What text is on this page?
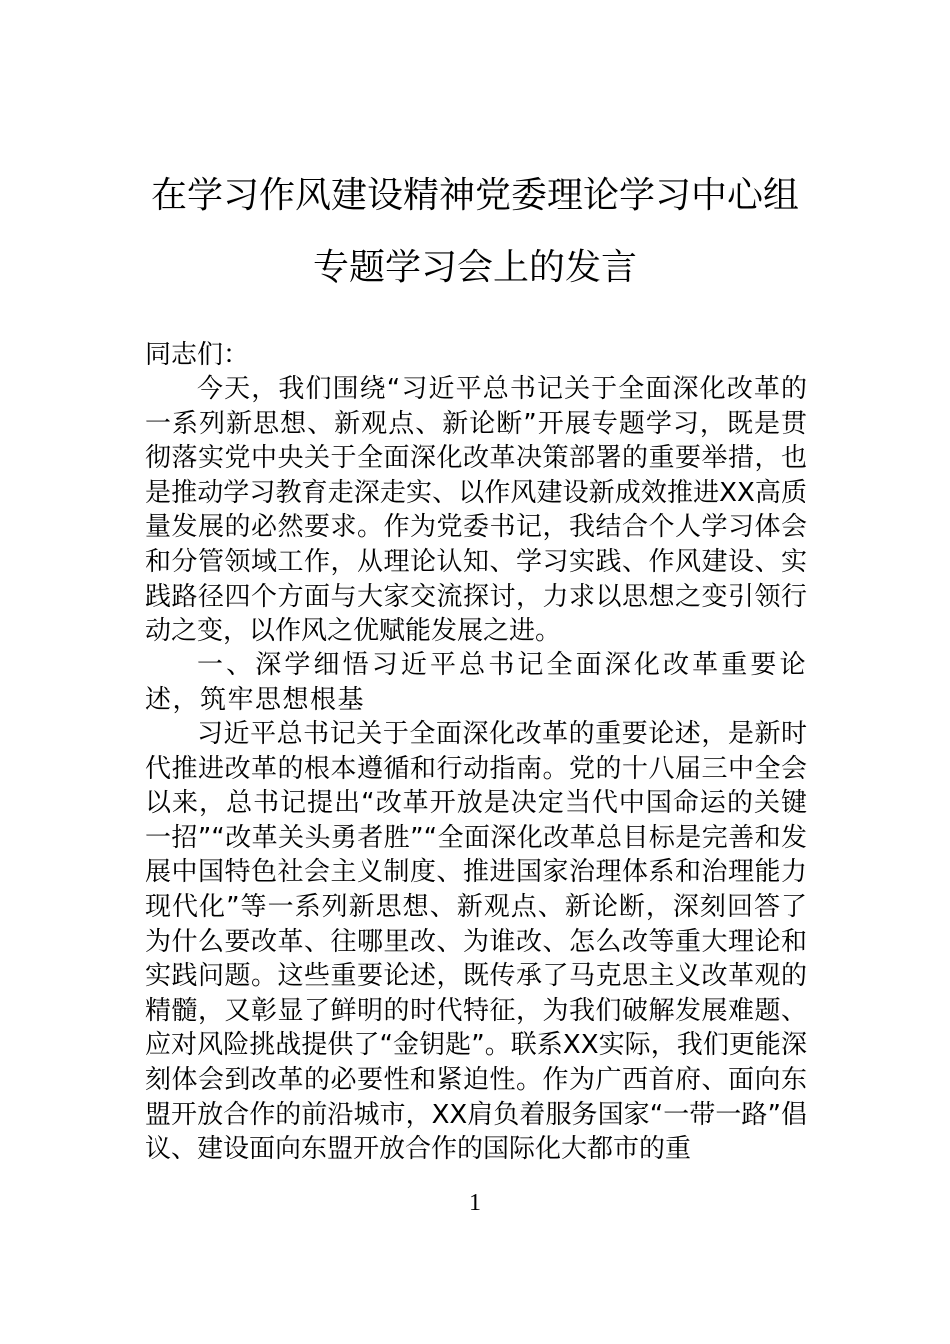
在学习作风建设精神党委理论学习中心组
专题学习会上的发言

同志们：

今天，我们围绕“习近平总书记关于全面深化改革的一系列新思想、新观点、新论断”开展专题学习，既是贯彻落实党中央关于全面深化改革决策部署的重要举措，也是推动学习教育走深走实、以作风建设新成效推进XX高质量发展的必然要求。作为党委书记，我结合个人学习体会和分管领域工作，从理论认知、学习实践、作风建设、实践路径四个方面与大家交流探讨，力求以思想之变引领行动之变，以作风之优赋能发展之进。

一、深学细悟习近平总书记全面深化改革重要论述，筑牢思想根基

习近平总书记关于全面深化改革的重要论述，是新时代推进改革的根本遵循和行动指南。党的十八届三中全会以来，总书记提出“改革开放是决定当代中国命运的关键一招”“改革关头勇者胜”“全面深化改革总目标是完善和发展中国特色社会主义制度、推进国家治理体系和治理能力现代化”等一系列新思想、新观点、新论断，深刻回答了为什么要改革、往哪里改、为谁改、怎么改等重大理论和实践问题。这些重要论述，既传承了马克思主义改革观的精髓，又彰显了鲜明的时代特征，为我们破解发展难题、应对风险挑战提供了“金钥匙”。联系XX实际，我们更能深刻体会到改革的必要性和紧迫性。作为广西首府、面向东盟开放合作的前沿城市，XX肩负着服务国家“一带一路”倡议、建设面向东盟开放合作的国际化大都市的重

1
